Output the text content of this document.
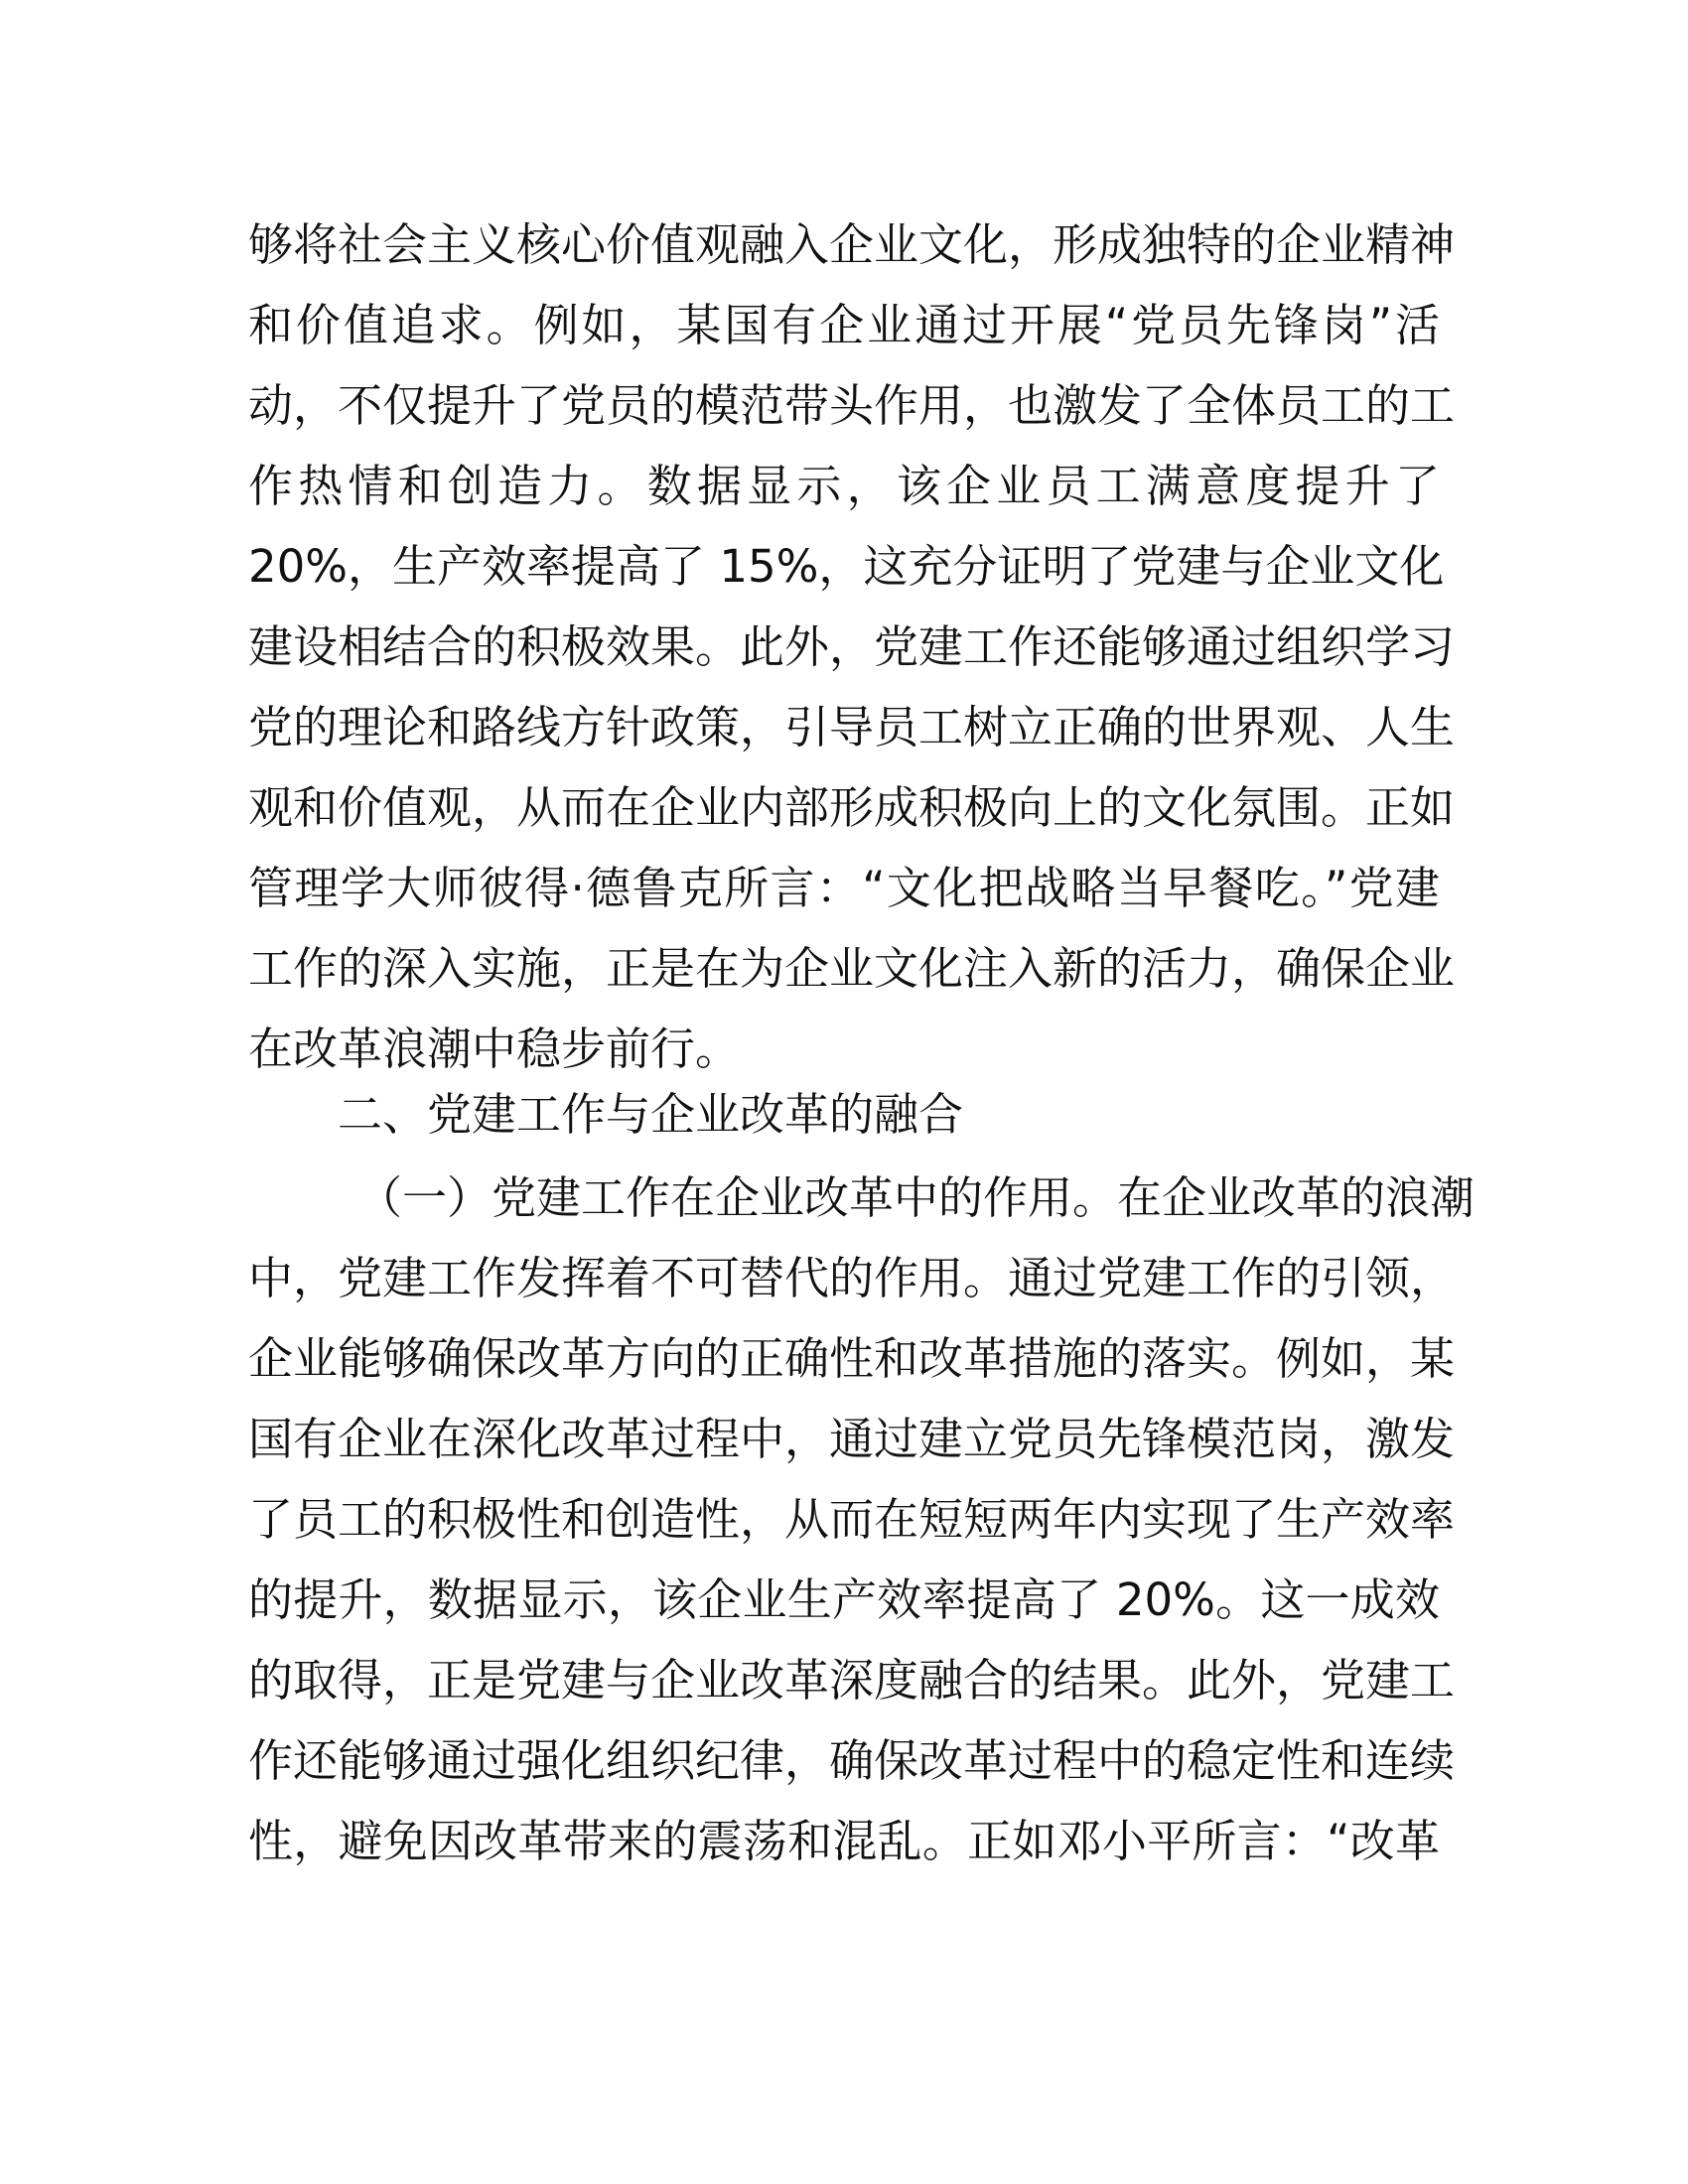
够将社会主义核心价值观融入企业文化，形成独特的企业精神
和价值追求。例如，某国有企业通过开展“党员先锋岗”活
动，不仅提升了党员的模范带头作用，也激发了全体员工的工
作热情和创造力。数据显示，该企业员工满意度提升了
20%，生产效率提高了 15%，这充分证明了党建与企业文化
建设相结合的积极效果。此外，党建工作还能够通过组织学习
党的理论和路线方针政策，引导员工树立正确的世界观、人生
观和价值观，从而在企业内部形成积极向上的文化氛围。正如
管理学大师彼得·德鲁克所言：“文化把战略当早餐吃。”党建
工作的深入实施，正是在为企业文化注入新的活力，确保企业
在改革浪潮中稳步前行。
二、党建工作与企业改革的融合
（一）党建工作在企业改革中的作用。在企业改革的浪潮
中，党建工作发挥着不可替代的作用。通过党建工作的引领，
企业能够确保改革方向的正确性和改革措施的落实。例如，某
国有企业在深化改革过程中，通过建立党员先锋模范岗，激发
了员工的积极性和创造性，从而在短短两年内实现了生产效率
的提升，数据显示，该企业生产效率提高了 20%。这一成效
的取得，正是党建与企业改革深度融合的结果。此外，党建工
作还能够通过强化组织纪律，确保改革过程中的稳定性和连续
性，避免因改革带来的震荡和混乱。正如邓小平所言：“改革
